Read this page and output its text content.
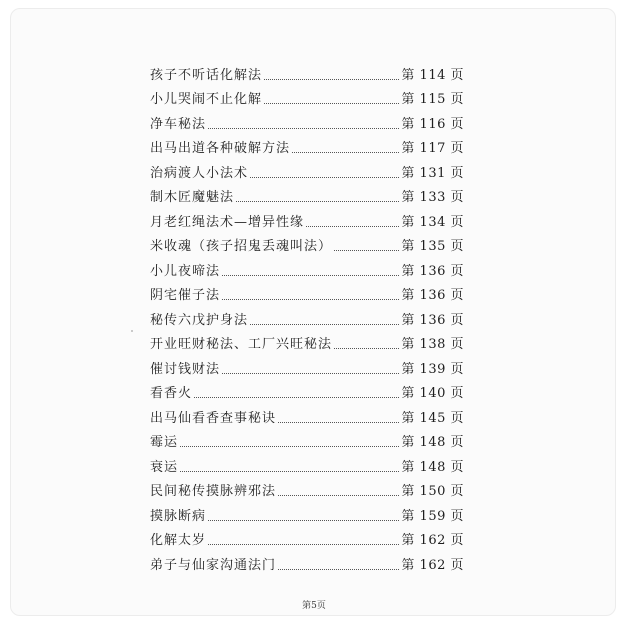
孩子不听话化解法	第 114 页
小儿哭闹不止化解	第 115 页
净车秘法	第 116 页
出马出道各种破解方法	第 117 页
治病渡人小法术	第 131 页
制木匠魔魅法	第 133 页
月老红绳法术—增异性缘	第 134 页
米收魂（孩子招鬼丢魂叫法）	第 135 页
小儿夜啼法	第 136 页
阴宅催子法	第 136 页
秘传六戊护身法	第 136 页
开业旺财秘法、工厂兴旺秘法	第 138 页
催讨钱财法	第 139 页
看香火	第 140 页
出马仙看香查事秘诀	第 145 页
霉运	第 148 页
衰运	第 148 页
民间秘传摸脉辨邪法	第 150 页
摸脉断病	第 159 页
化解太岁	第 162 页
弟子与仙家沟通法门	第 162 页
第5页
